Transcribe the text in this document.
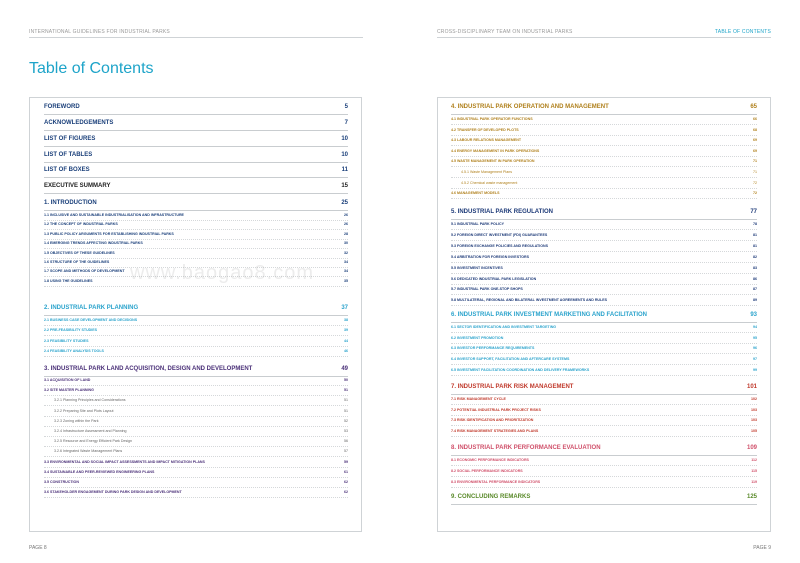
INTERNATIONAL GUIDELINES FOR INDUSTRIAL PARKS	CROSS-DISCIPLINARY TEAM ON INDUSTRIAL PARKS	TABLE OF CONTENTS
Table of Contents
FOREWORD	5
ACKNOWLEDGEMENTS	7
LIST OF FIGURES	10
LIST OF TABLES	10
LIST OF BOXES	11
EXECUTIVE SUMMARY	15
1. INTRODUCTION	25
1.1 INCLUSIVE AND SUSTAINABLE INDUSTRIALISATION AND INFRASTRUCTURE	26
1.2 THE CONCEPT OF INDUSTRIAL PARKS	26
1.3 PUBLIC POLICY ARGUMENTS FOR ESTABLISHING INDUSTRIAL PARKS	28
1.4 EMERGING TRENDS AFFECTING INDUSTRIAL PARKS	30
1.5 OBJECTIVES OF THESE GUIDELINES	32
1.6 STRUCTURE OF THE GUIDELINES	34
1.7 SCOPE AND METHODS OF DEVELOPMENT	34
1.8 USING THE GUIDELINES	35
2. INDUSTRIAL PARK PLANNING	37
2.1 BUSINESS CASE DEVELOPMENT AND DECISIONS	38
2.2 PRE-FEASIBILITY STUDIES	39
2.3 FEASIBILITY STUDIES	44
2.4 FEASIBILITY ANALYSIS TOOLS	46
3. INDUSTRIAL PARK LAND ACQUISITION, DESIGN AND DEVELOPMENT	49
3.1 ACQUISITION OF LAND	50
3.2 SITE MASTER PLANNING	51
3.2.1 Planning Principles and Considerations	51
3.2.2 Preparing Site and Plots Layout	51
3.2.3 Zoning within the Park	52
3.2.4 Infrastructure Assessment and Planning	53
3.2.5 Resource and Energy Efficient Park Design	56
3.2.6 Integrated Waste Management Plans	57
3.3 ENVIRONMENTAL AND SOCIAL IMPACT ASSESSMENTS AND IMPACT MITIGATION PLANS	59
3.4 SUSTAINABLE AND PEER-REVIEWED ENGINEERING PLANS	61
3.5 CONSTRUCTION	62
3.6 STAKEHOLDER ENGAGEMENT DURING PARK DESIGN AND DEVELOPMENT	62
4. INDUSTRIAL PARK OPERATION AND MANAGEMENT	65
4.1 INDUSTRIAL PARK OPERATOR FUNCTIONS	66
4.2 TRANSFER OF DEVELOPED PLOTS	68
4.3 LABOUR RELATIONS MANAGEMENT	69
4.4 ENERGY MANAGEMENT IN PARK OPERATIONS	69
4.5 WASTE MANAGEMENT IN PARK OPERATION	71
4.5.1 Waste Management Plans	71
4.5.2 Chemical waste management	72
4.6 MANAGEMENT MODELS	72
5. INDUSTRIAL PARK REGULATION	77
5.1 INDUSTRIAL PARK POLICY	78
5.2 FOREIGN DIRECT INVESTMENT (FDI) GUARANTEES	81
5.3 FOREIGN EXCHANGE POLICIES AND REGULATIONS	81
5.4 ARBITRATION FOR FOREIGN INVESTORS	82
5.5 INVESTMENT INCENTIVES	83
5.6 DEDICATED INDUSTRIAL PARK LEGISLATION	86
5.7 INDUSTRIAL PARK ONE-STOP SHOPS	87
5.8 MULTILATERAL, REGIONAL AND BILATERAL INVESTMENT AGREEMENTS AND RULES	89
6. INDUSTRIAL PARK INVESTMENT MARKETING AND FACILITATION	93
6.1 SECTOR IDENTIFICATION AND INVESTMENT TARGETING	94
6.2 INVESTMENT PROMOTION	95
6.3 INVESTOR PERFORMANCE REQUIREMENTS	96
6.4 INVESTOR SUPPORT, FACILITATION AND AFTERCARE SYSTEMS	97
6.5 INVESTMENT FACILITATION COORDINATION AND DELIVERY FRAMEWORKS	99
7. INDUSTRIAL PARK RISK MANAGEMENT	101
7.1 RISK MANAGEMENT CYCLE	102
7.2 POTENTIAL INDUSTRIAL PARK PROJECT RISKS	103
7.3 RISK IDENTIFICATION AND PRIORITIZATION	103
7.4 RISK MANAGEMENT STRATEGIES AND PLANS	105
8. INDUSTRIAL PARK PERFORMANCE EVALUATION	109
8.1 ECONOMIC PERFORMANCE INDICATORS	112
8.2 SOCIAL PERFORMANCE INDICATORS	115
8.3 ENVIRONMENTAL PERFORMANCE INDICATORS	119
9. CONCLUDING REMARKS	125
www.baogao8.com
PAGE 8	PAGE 9
